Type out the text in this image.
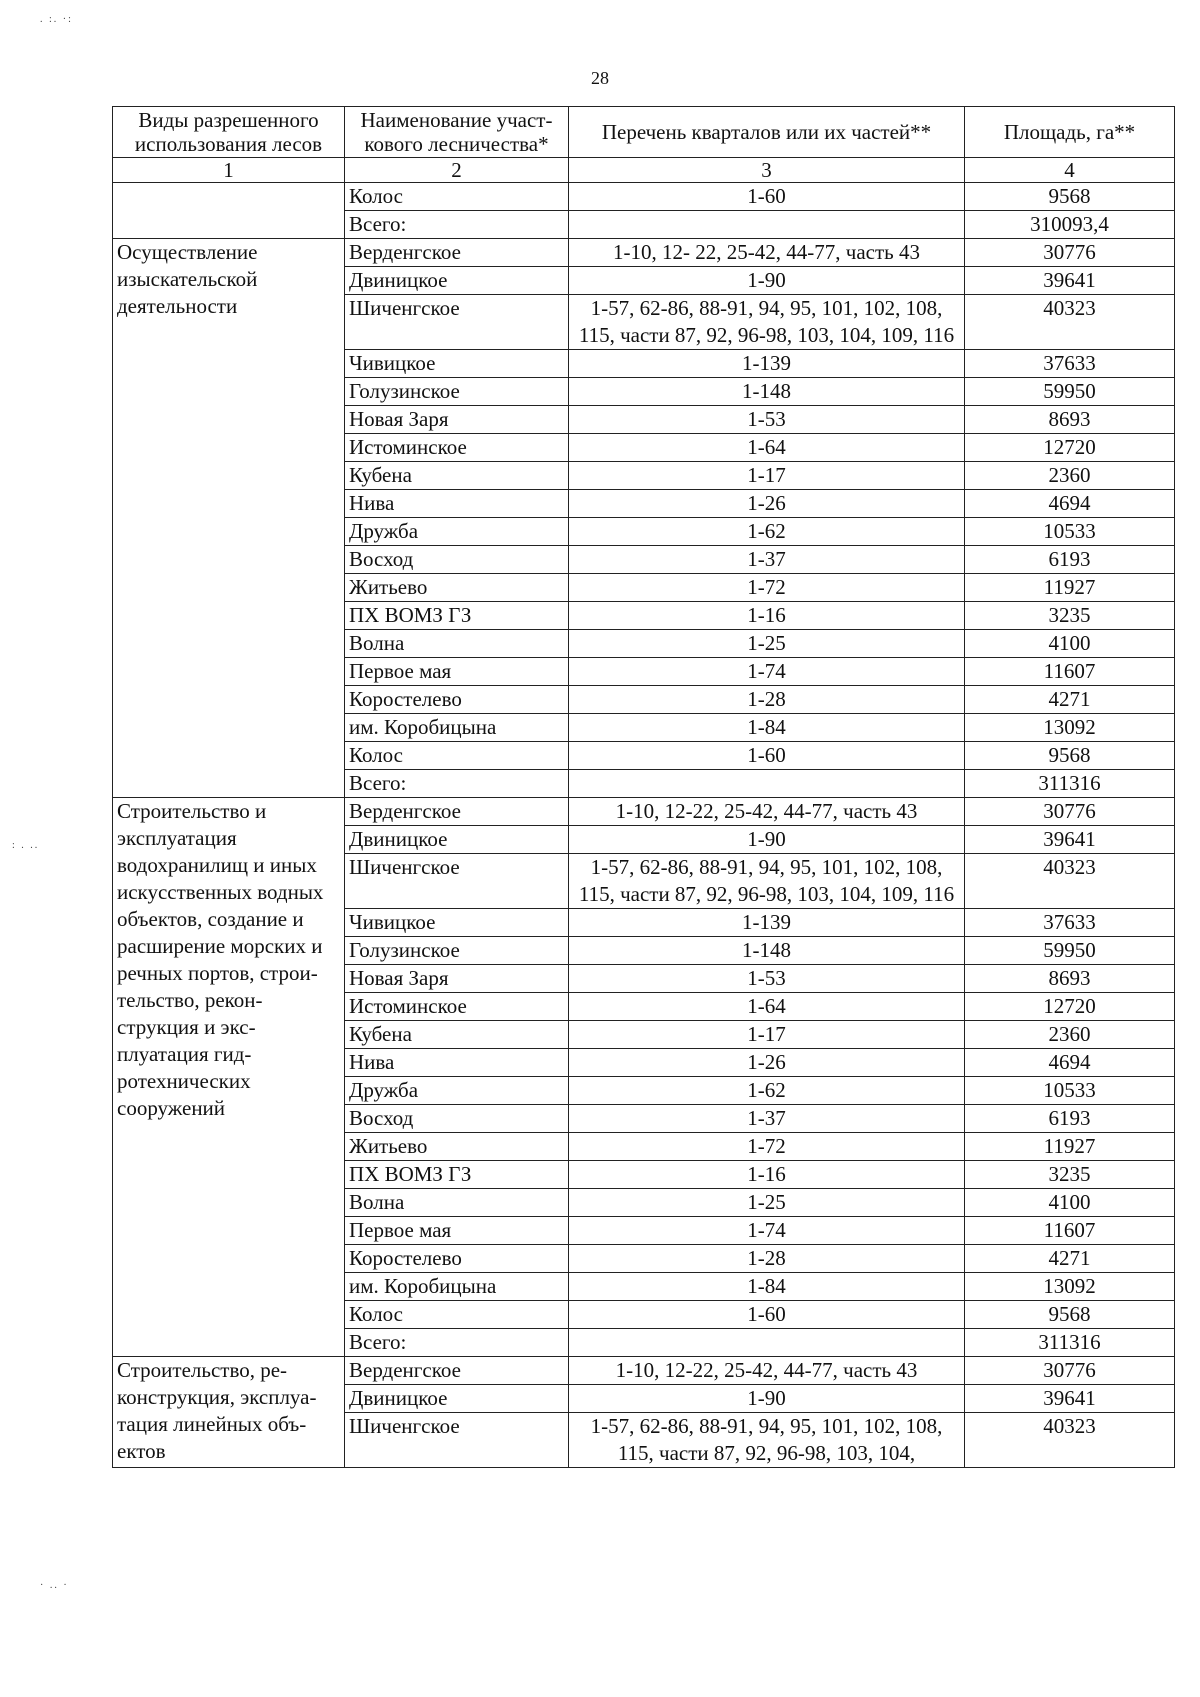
28
. :. ·:
: . ..
· .. ·
Виды разрешенного использования лесов	Наименование участ-кового лесничества*	Перечень кварталов или их частей**	Площадь, га**
1	2	3	4
	Колос	1-60	9568
	Всего:		310093,4
Осуществление изыскательской деятельности	Верденгское	1-10, 12- 22, 25-42, 44-77, часть 43	30776
	Двиницкое	1-90	39641
	Шиченгское	1-57, 62-86, 88-91, 94, 95, 101, 102, 108, 115, части 87, 92, 96-98, 103, 104, 109, 116	40323
	Чивицкое	1-139	37633
	Голузинское	1-148	59950
	Новая Заря	1-53	8693
	Истоминское	1-64	12720
	Кубена	1-17	2360
	Нива	1-26	4694
	Дружба	1-62	10533
	Восход	1-37	6193
	Житьево	1-72	11927
	ПХ ВОМЗ ГЗ	1-16	3235
	Волна	1-25	4100
	Первое мая	1-74	11607
	Коростелево	1-28	4271
	им. Коробицына	1-84	13092
	Колос	1-60	9568
	Всего:		311316
Строительство и эксплуатация водохранилищ и иных искусственных водных объектов, создание и расширение морских и речных портов, строи-тельство, рекон-струкция и экс-плуатация гид-ротехнических сооружений	Верденгское	1-10, 12-22, 25-42, 44-77, часть 43	30776
	Двиницкое	1-90	39641
	Шиченгское	1-57, 62-86, 88-91, 94, 95, 101, 102, 108, 115, части 87, 92, 96-98, 103, 104, 109, 116	40323
	Чивицкое	1-139	37633
	Голузинское	1-148	59950
	Новая Заря	1-53	8693
	Истоминское	1-64	12720
	Кубена	1-17	2360
	Нива	1-26	4694
	Дружба	1-62	10533
	Восход	1-37	6193
	Житьево	1-72	11927
	ПХ ВОМЗ ГЗ	1-16	3235
	Волна	1-25	4100
	Первое мая	1-74	11607
	Коростелево	1-28	4271
	им. Коробицына	1-84	13092
	Колос	1-60	9568
	Всего:		311316
Строительство, ре-конструкция, эксплуа-тация линейных объ-ектов	Верденгское	1-10, 12-22, 25-42, 44-77, часть 43	30776
	Двиницкое	1-90	39641
	Шиченгское	1-57, 62-86, 88-91, 94, 95, 101, 102, 108, 115, части 87, 92, 96-98, 103, 104,	40323
